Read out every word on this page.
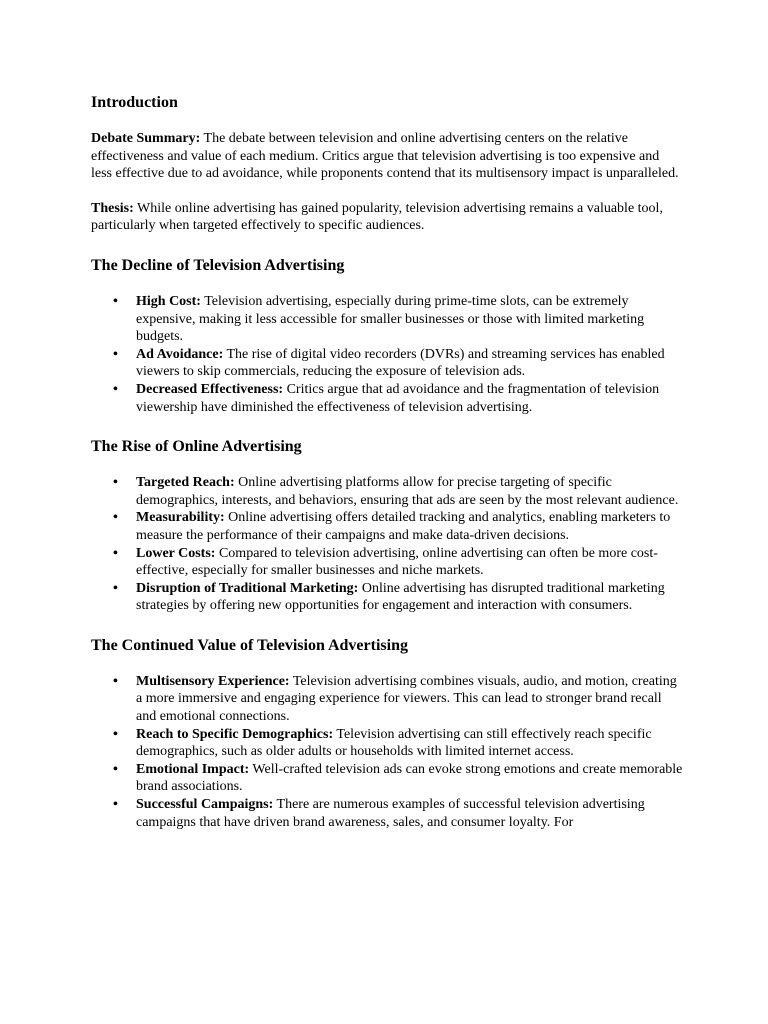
Introduction

Debate Summary: The debate between television and online advertising centers on the relative effectiveness and value of each medium. Critics argue that television advertising is too expensive and less effective due to ad avoidance, while proponents contend that its multisensory impact is unparalleled.

Thesis: While online advertising has gained popularity, television advertising remains a valuable tool, particularly when targeted effectively to specific audiences.

The Decline of Television Advertising
• High Cost: Television advertising, especially during prime-time slots, can be extremely expensive, making it less accessible for smaller businesses or those with limited marketing budgets.
• Ad Avoidance: The rise of digital video recorders (DVRs) and streaming services has enabled viewers to skip commercials, reducing the exposure of television ads.
• Decreased Effectiveness: Critics argue that ad avoidance and the fragmentation of television viewership have diminished the effectiveness of television advertising.
The Rise of Online Advertising
• Targeted Reach: Online advertising platforms allow for precise targeting of specific demographics, interests, and behaviors, ensuring that ads are seen by the most relevant audience.
• Measurability: Online advertising offers detailed tracking and analytics, enabling marketers to measure the performance of their campaigns and make data-driven decisions.
• Lower Costs: Compared to television advertising, online advertising can often be more cost-effective, especially for smaller businesses and niche markets.
• Disruption of Traditional Marketing: Online advertising has disrupted traditional marketing strategies by offering new opportunities for engagement and interaction with consumers.
The Continued Value of Television Advertising
• Multisensory Experience: Television advertising combines visuals, audio, and motion, creating a more immersive and engaging experience for viewers. This can lead to stronger brand recall and emotional connections.
• Reach to Specific Demographics: Television advertising can still effectively reach specific demographics, such as older adults or households with limited internet access.
• Emotional Impact: Well-crafted television ads can evoke strong emotions and create memorable brand associations.
• Successful Campaigns: There are numerous examples of successful television advertising campaigns that have driven brand awareness, sales, and consumer loyalty. For
